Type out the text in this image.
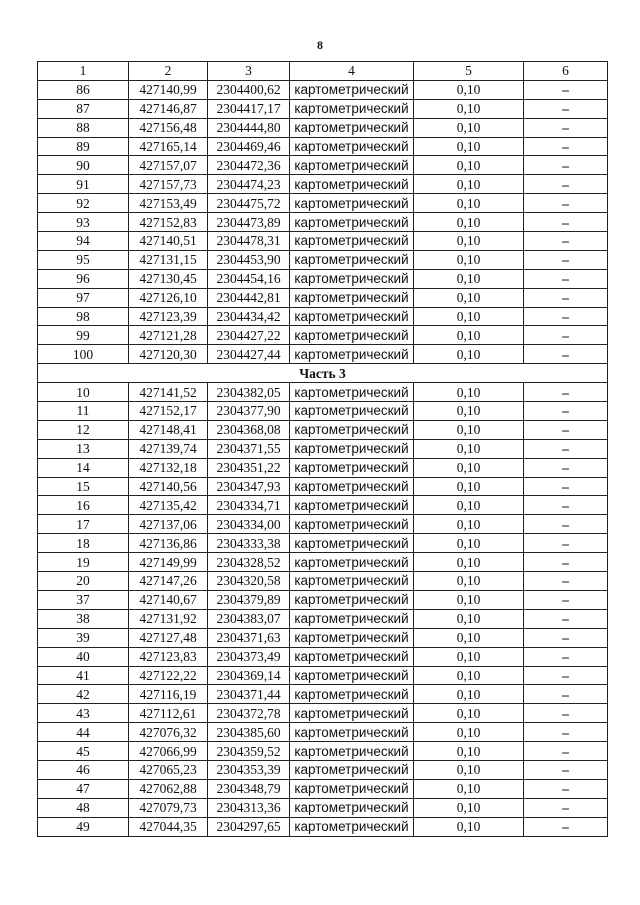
8
1	2	3	4	5	6
86	427140,99	2304400,62	картометрический	0,10	–
87	427146,87	2304417,17	картометрический	0,10	–
88	427156,48	2304444,80	картометрический	0,10	–
89	427165,14	2304469,46	картометрический	0,10	–
90	427157,07	2304472,36	картометрический	0,10	–
91	427157,73	2304474,23	картометрический	0,10	–
92	427153,49	2304475,72	картометрический	0,10	–
93	427152,83	2304473,89	картометрический	0,10	–
94	427140,51	2304478,31	картометрический	0,10	–
95	427131,15	2304453,90	картометрический	0,10	–
96	427130,45	2304454,16	картометрический	0,10	–
97	427126,10	2304442,81	картометрический	0,10	–
98	427123,39	2304434,42	картометрический	0,10	–
99	427121,28	2304427,22	картометрический	0,10	–
100	427120,30	2304427,44	картометрический	0,10	–
Часть 3					
10	427141,52	2304382,05	картометрический	0,10	–
11	427152,17	2304377,90	картометрический	0,10	–
12	427148,41	2304368,08	картометрический	0,10	–
13	427139,74	2304371,55	картометрический	0,10	–
14	427132,18	2304351,22	картометрический	0,10	–
15	427140,56	2304347,93	картометрический	0,10	–
16	427135,42	2304334,71	картометрический	0,10	–
17	427137,06	2304334,00	картометрический	0,10	–
18	427136,86	2304333,38	картометрический	0,10	–
19	427149,99	2304328,52	картометрический	0,10	–
20	427147,26	2304320,58	картометрический	0,10	–
37	427140,67	2304379,89	картометрический	0,10	–
38	427131,92	2304383,07	картометрический	0,10	–
39	427127,48	2304371,63	картометрический	0,10	–
40	427123,83	2304373,49	картометрический	0,10	–
41	427122,22	2304369,14	картометрический	0,10	–
42	427116,19	2304371,44	картометрический	0,10	–
43	427112,61	2304372,78	картометрический	0,10	–
44	427076,32	2304385,60	картометрический	0,10	–
45	427066,99	2304359,52	картометрический	0,10	–
46	427065,23	2304353,39	картометрический	0,10	–
47	427062,88	2304348,79	картометрический	0,10	–
48	427079,73	2304313,36	картометрический	0,10	–
49	427044,35	2304297,65	картометрический	0,10	–
